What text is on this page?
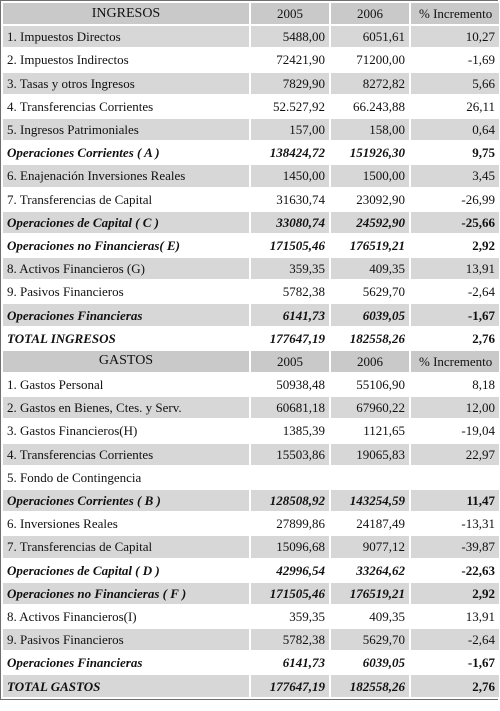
INGRESOS	2005	2006	% Incremento
1. Impuestos Directos	5488,00	6051,61	10,27
2. Impuestos Indirectos	72421,90	71200,00	-1,69
3. Tasas y otros Ingresos	7829,90	8272,82	5,66
4. Transferencias Corrientes	52.527,92	66.243,88	26,11
5. Ingresos Patrimoniales	157,00	158,00	0,64
Operaciones Corrientes ( A )	138424,72	151926,30	9,75
6. Enajenación Inversiones Reales	1450,00	1500,00	3,45
7. Transferencias de Capital	31630,74	23092,90	-26,99
Operaciones de Capital ( C )	33080,74	24592,90	-25,66
Operaciones no Financieras( E)	171505,46	176519,21	2,92
8. Activos Financieros (G)	359,35	409,35	13,91
9. Pasivos Financieros	5782,38	5629,70	-2,64
Operaciones Financieras	6141,73	6039,05	-1,67
TOTAL INGRESOS	177647,19	182558,26	2,76
GASTOS	2005	2006	% Incremento
1. Gastos Personal	50938,48	55106,90	8,18
2. Gastos en Bienes, Ctes. y Serv.	60681,18	67960,22	12,00
3. Gastos Financieros(H)	1385,39	1121,65	-19,04
4. Transferencias Corrientes	15503,86	19065,83	22,97
5. Fondo de Contingencia			
Operaciones Corrientes ( B )	128508,92	143254,59	11,47
6. Inversiones Reales	27899,86	24187,49	-13,31
7. Transferencias de Capital	15096,68	9077,12	-39,87
Operaciones de Capital ( D )	42996,54	33264,62	-22,63
Operaciones no Financieras ( F )	171505,46	176519,21	2,92
8. Activos Financieros(I)	359,35	409,35	13,91
9. Pasivos Financieros	5782,38	5629,70	-2,64
Operaciones Financieras	6141,73	6039,05	-1,67
TOTAL GASTOS	177647,19	182558,26	2,76
